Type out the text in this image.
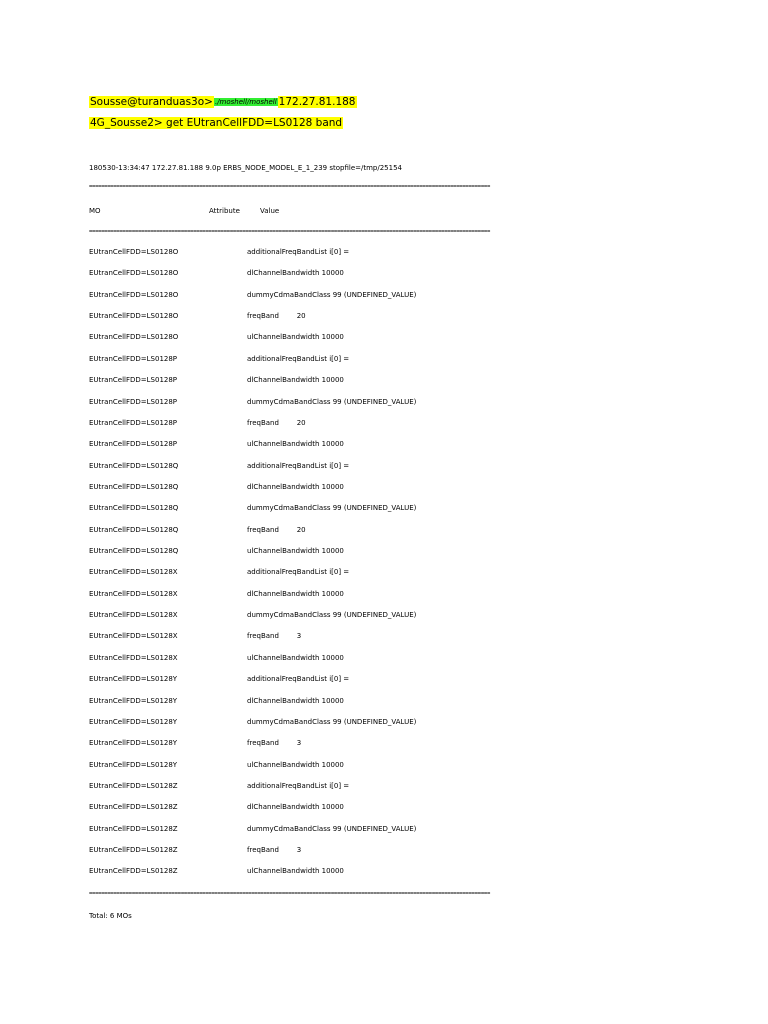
Sousse@turanduas3o> ./moshell/moshell 172.27.81.188
4G_Sousse2> get EUtranCellFDD=LS0128 band
180530-13:34:47 172.27.81.188 9.0p ERBS_NODE_MODEL_E_1_239 stopfile=/tmp/25154
===================================================================================================================================
MO	Attribute	Value
===================================================================================================================================
EUtranCellFDD=LS0128O	additionalFreqBandList i[0] =
EUtranCellFDD=LS0128O	dlChannelBandwidth 10000
EUtranCellFDD=LS0128O	dummyCdmaBandClass 99 (UNDEFINED_VALUE)
EUtranCellFDD=LS0128O	freqBand        20
EUtranCellFDD=LS0128O	ulChannelBandwidth 10000
EUtranCellFDD=LS0128P	additionalFreqBandList i[0] =
EUtranCellFDD=LS0128P	dlChannelBandwidth 10000
EUtranCellFDD=LS0128P	dummyCdmaBandClass 99 (UNDEFINED_VALUE)
EUtranCellFDD=LS0128P	freqBand        20
EUtranCellFDD=LS0128P	ulChannelBandwidth 10000
EUtranCellFDD=LS0128Q	additionalFreqBandList i[0] =
EUtranCellFDD=LS0128Q	dlChannelBandwidth 10000
EUtranCellFDD=LS0128Q	dummyCdmaBandClass 99 (UNDEFINED_VALUE)
EUtranCellFDD=LS0128Q	freqBand        20
EUtranCellFDD=LS0128Q	ulChannelBandwidth 10000
EUtranCellFDD=LS0128X	additionalFreqBandList i[0] =
EUtranCellFDD=LS0128X	dlChannelBandwidth 10000
EUtranCellFDD=LS0128X	dummyCdmaBandClass 99 (UNDEFINED_VALUE)
EUtranCellFDD=LS0128X	freqBand        3
EUtranCellFDD=LS0128X	ulChannelBandwidth 10000
EUtranCellFDD=LS0128Y	additionalFreqBandList i[0] =
EUtranCellFDD=LS0128Y	dlChannelBandwidth 10000
EUtranCellFDD=LS0128Y	dummyCdmaBandClass 99 (UNDEFINED_VALUE)
EUtranCellFDD=LS0128Y	freqBand        3
EUtranCellFDD=LS0128Y	ulChannelBandwidth 10000
EUtranCellFDD=LS0128Z	additionalFreqBandList i[0] =
EUtranCellFDD=LS0128Z	dlChannelBandwidth 10000
EUtranCellFDD=LS0128Z	dummyCdmaBandClass 99 (UNDEFINED_VALUE)
EUtranCellFDD=LS0128Z	freqBand        3
EUtranCellFDD=LS0128Z	ulChannelBandwidth 10000
===================================================================================================================================
Total: 6 MOs
